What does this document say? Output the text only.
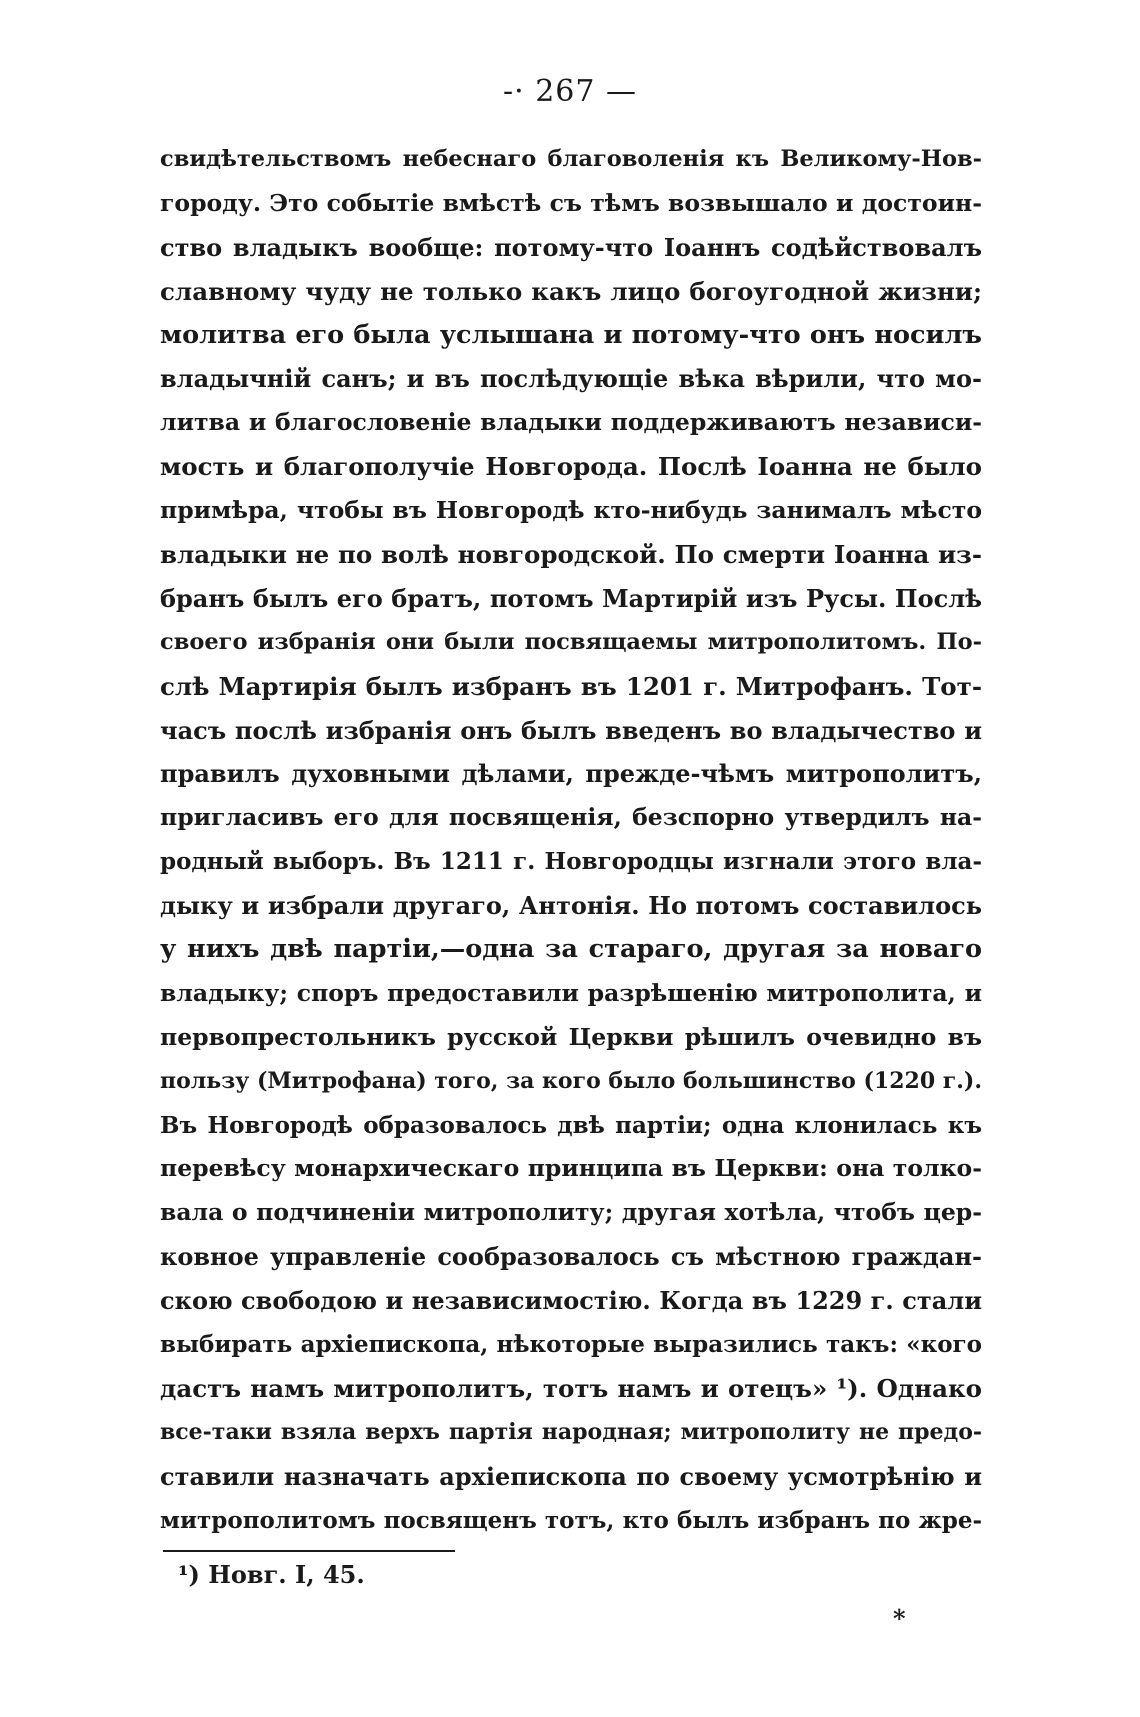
-· 267 —
свидѣтельствомъ небеснаго благоволенія къ Великому-Нов-
городу. Это событіе вмѣстѣ съ тѣмъ возвышало и достоин-
ство владыкъ вообще: потому-что Іоаннъ содѣйствовалъ
славному чуду не только какъ лицо богоугодной жизни;
молитва его была услышана и потому-что онъ носилъ
владычній санъ; и въ послѣдующіе вѣка вѣрили, что мо-
литва и благословеніе владыки поддерживаютъ независи-
мость и благополучіе Новгорода. Послѣ Іоанна не было
примѣра, чтобы въ Новгородѣ кто-нибудь занималъ мѣсто
владыки не по волѣ новгородской. По смерти Іоанна из-
бранъ былъ его братъ, потомъ Мартирій изъ Русы. Послѣ
своего избранія они были посвящаемы митрополитомъ. По-
слѣ Мартирія былъ избранъ въ 1201 г. Митрофанъ. Тот-
часъ послѣ избранія онъ былъ введенъ во владычество и
правилъ духовными дѣлами, прежде-чѣмъ митрополитъ,
пригласивъ его для посвященія, безспорно утвердилъ на-
родный выборъ. Въ 1211 г. Новгородцы изгнали этого вла-
дыку и избрали другаго, Антонія. Но потомъ составилось
у нихъ двѣ партіи,—одна за стараго, другая за новаго
владыку; споръ предоставили разрѣшенію митрополита, и
первопрестольникъ русской Церкви рѣшилъ очевидно въ
пользу (Митрофана) того, за кого было большинство (1220 г.).
Въ Новгородѣ образовалось двѣ партіи; одна клонилась къ
перевѣсу монархическаго принципа въ Церкви: она толко-
вала о подчиненіи митрополиту; другая хотѣла, чтобъ цер-
ковное управленіе сообразовалось съ мѣстною граждан-
скою свободою и независимостію. Когда въ 1229 г. стали
выбирать архіепископа, нѣкоторые выразились такъ: «кого
дастъ намъ митрополитъ, тотъ намъ и отецъ» ¹). Однако
все-таки взяла верхъ партія народная; митрополиту не предо-
ставили назначать архіепископа по своему усмотрѣнію и
митрополитомъ посвященъ тотъ, кто былъ избранъ по жре-
¹) Новг. I, 45.
*
